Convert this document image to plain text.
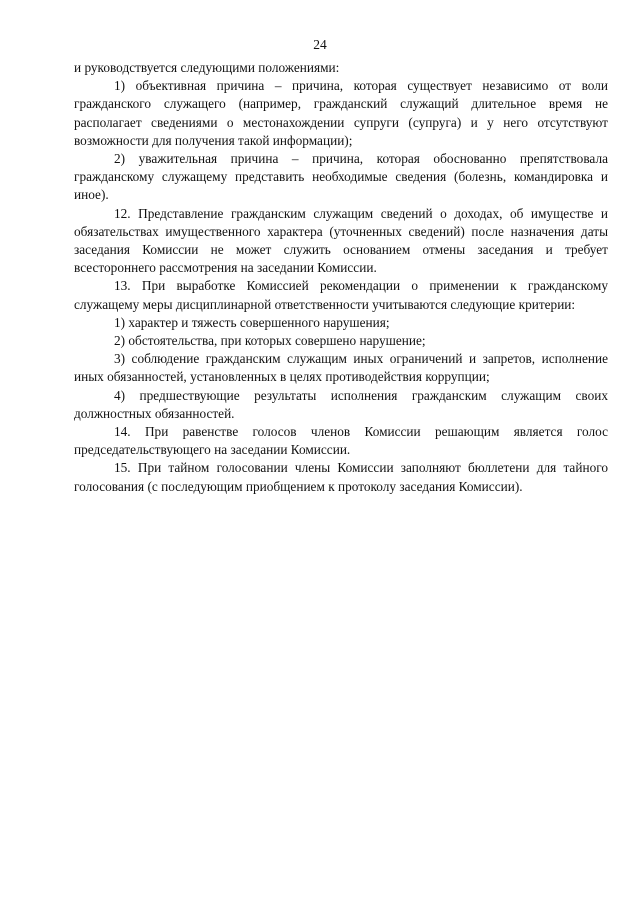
24

и руководствуется следующими положениями:

1) объективная причина – причина, которая существует независимо от воли гражданского служащего (например, гражданский служащий длительное время не располагает сведениями о местонахождении супруги (супруга) и у него отсутствуют возможности для получения такой информации);

2) уважительная причина – причина, которая обоснованно препятствовала гражданскому служащему представить необходимые сведения (болезнь, командировка и иное).

12. Представление гражданским служащим сведений о доходах, об имуществе и обязательствах имущественного характера (уточненных сведений) после назначения даты заседания Комиссии не может служить основанием отмены заседания и требует всестороннего рассмотрения на заседании Комиссии.

13. При выработке Комиссией рекомендации о применении к гражданскому служащему меры дисциплинарной ответственности учитываются следующие критерии:

1) характер и тяжесть совершенного нарушения;

2) обстоятельства, при которых совершено нарушение;

3) соблюдение гражданским служащим иных ограничений и запретов, исполнение иных обязанностей, установленных в целях противодействия коррупции;

4) предшествующие результаты исполнения гражданским служащим своих должностных обязанностей.

14. При равенстве голосов членов Комиссии решающим является голос председательствующего на заседании Комиссии.

15. При тайном голосовании члены Комиссии заполняют бюллетени для тайного голосования (с последующим приобщением к протоколу заседания Комиссии).
